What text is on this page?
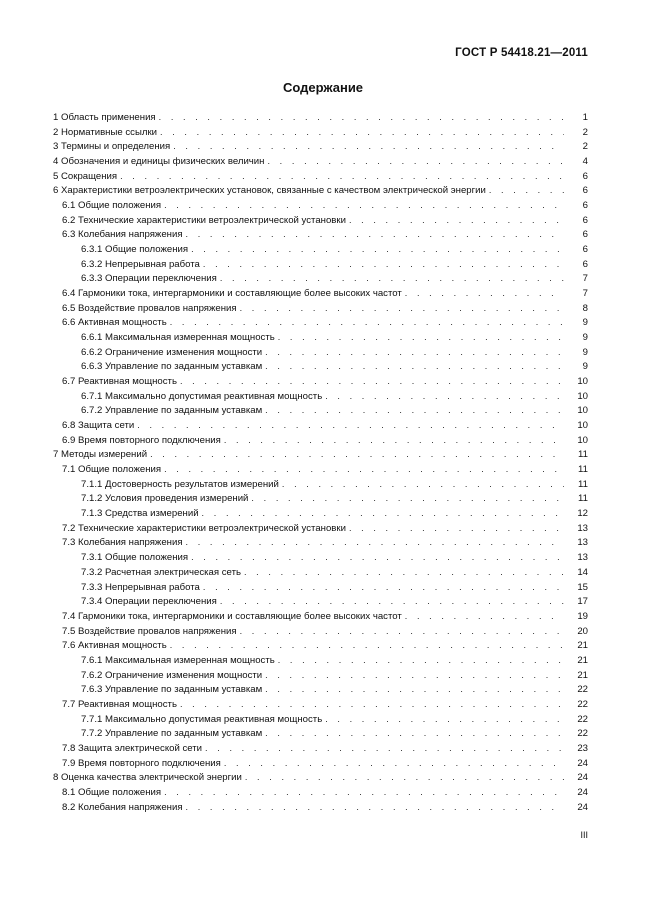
ГОСТ Р 54418.21—2011
Содержание
1 Область применения . . .	1
2 Нормативные ссылки . . .	2
3 Термины и определения . . .	2
4 Обозначения и единицы физических величин . . .	4
5 Сокращения . . .	6
6 Характеристики ветроэлектрических установок, связанные с качеством электрической энергии . . .	6
6.1 Общие положения . . .	6
6.2 Технические характеристики ветроэлектрической установки . . .	6
6.3 Колебания напряжения . . .	6
6.3.1 Общие положения . . .	6
6.3.2 Непрерывная работа . . .	6
6.3.3 Операции переключения . . .	7
6.4 Гармоники тока, интергармоники и составляющие более высоких частот . . .	7
6.5 Воздействие провалов напряжения . . .	8
6.6 Активная мощность . . .	9
6.6.1 Максимальная измеренная мощность . . .	9
6.6.2 Ограничение изменения мощности . . .	9
6.6.3 Управление по заданным уставкам . . .	9
6.7 Реактивная мощность . . .	10
6.7.1 Максимально допустимая реактивная мощность . . .	10
6.7.2 Управление по заданным уставкам . . .	10
6.8 Защита сети . . .	10
6.9 Время повторного подключения . . .	10
7 Методы измерений . . .	11
7.1 Общие положения . . .	11
7.1.1 Достоверность результатов измерений . . .	11
7.1.2 Условия проведения измерений . . .	11
7.1.3 Средства измерений . . .	12
7.2 Технические характеристики ветроэлектрической установки . . .	13
7.3 Колебания напряжения . . .	13
7.3.1 Общие положения . . .	13
7.3.2 Расчетная электрическая сеть . . .	14
7.3.3 Непрерывная работа . . .	15
7.3.4 Операции переключения . . .	17
7.4 Гармоники тока, интергармоники и составляющие более высоких частот . . .	19
7.5 Воздействие провалов напряжения . . .	20
7.6 Активная мощность . . .	21
7.6.1 Максимальная измеренная мощность . . .	21
7.6.2 Ограничение изменения мощности . . .	21
7.6.3 Управление по заданным уставкам . . .	22
7.7 Реактивная мощность . . .	22
7.7.1 Максимально допустимая реактивная мощность . . .	22
7.7.2 Управление по заданным уставкам . . .	22
7.8 Защита электрической сети . . .	23
7.9 Время повторного подключения . . .	24
8 Оценка качества электрической энергии . . .	24
8.1 Общие положения . . .	24
8.2 Колебания напряжения . . .	24
III
